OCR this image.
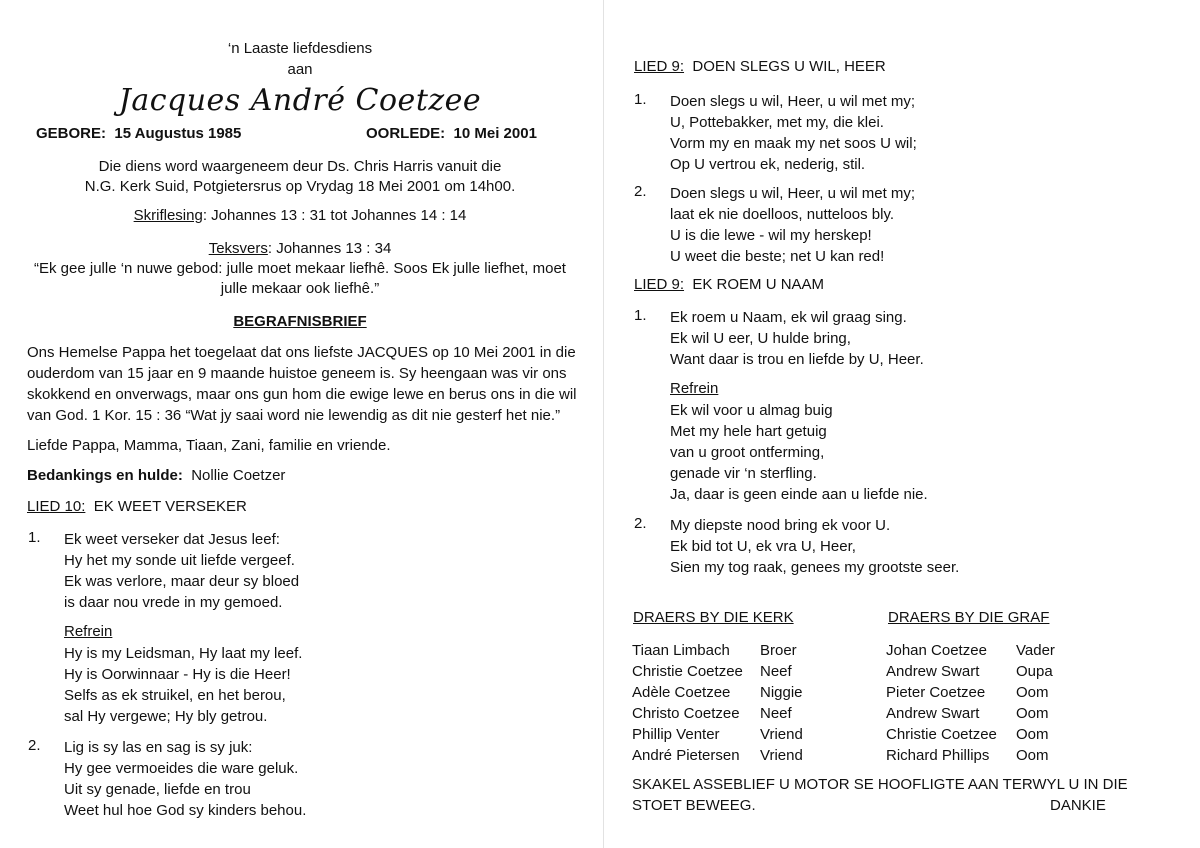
‘n Laaste liefdesdiens
aan
Jacques André Coetzee
GEBORE: 15 Augustus 1985	OORLEDE: 10 Mei 2001
Die diens word waargeneem deur Ds. Chris Harris vanuit die
N.G. Kerk Suid, Potgietersrus op Vrydag 18 Mei 2001 om 14h00.
Skriflesing: Johannes 13 : 31 tot Johannes 14 : 14
Teksvers: Johannes 13 : 34
“Ek gee julle ‘n nuwe gebod: julle moet mekaar liefhê. Soos Ek julle liefhet, moet
julle mekaar ook liefhê.”
BEGRAFNISBRIEF
Ons Hemelse Pappa het toegelaat dat ons liefste JACQUES op 10 Mei 2001 in die
ouderdom van 15 jaar en 9 maande huistoe geneem is. Sy heengaan was vir ons
skokkend en onverwags, maar ons gun hom die ewige lewe en berus ons in die wil
van God. 1 Kor. 15 : 36 “Wat jy saai word nie lewendig as dit nie gesterf het nie.”
Liefde Pappa, Mamma, Tiaan, Zani, familie en vriende.
Bedankings en hulde: Nollie Coetzer
LIED 10: EK WEET VERSEKER
1. Ek weet verseker dat Jesus leef:
Hy het my sonde uit liefde vergeef.
Ek was verlore, maar deur sy bloed
is daar nou vrede in my gemoed.
Refrein
Hy is my Leidsman, Hy laat my leef.
Hy is Oorwinnaar - Hy is die Heer!
Selfs as ek struikel, en het berou,
sal Hy vergewe; Hy bly getrou.
2. Lig is sy las en sag is sy juk:
Hy gee vermoeides die ware geluk.
Uit sy genade, liefde en trou
Weet hul hoe God sy kinders behou.
LIED 9: DOEN SLEGS U WIL, HEER
1. Doen slegs u wil, Heer, u wil met my;
U, Pottebakker, met my, die klei.
Vorm my en maak my net soos U wil;
Op U vertrou ek, nederig, stil.
2. Doen slegs u wil, Heer, u wil met my;
laat ek nie doelloos, nutteloos bly.
U is die lewe - wil my herskep!
U weet die beste; net U kan red!
LIED 9: EK ROEM U NAAM
1. Ek roem u Naam, ek wil graag sing.
Ek wil U eer, U hulde bring,
Want daar is trou en liefde by U, Heer.
Refrein
Ek wil voor u almag buig
Met my hele hart getuig
van u groot ontferming,
genade vir ‘n sterfling.
Ja, daar is geen einde aan u liefde nie.
2. My diepste nood bring ek voor U.
Ek bid tot U, ek vra U, Heer,
Sien my tog raak, genees my grootste seer.
DRAERS BY DIE KERK
Tiaan Limbach Broer
Christie Coetzee Neef
Adèle Coetzee Niggie
Christo Coetzee Neef
Phillip Venter	Vriend
André Pietersen Vriend
DRAERS BY DIE GRAF
Johan Coetzee Vader
Andrew Swart Oupa
Pieter Coetzee Oom
Andrew Swart Oom
Christie Coetzee Oom
Richard Phillips Oom
SKAKEL ASSEBLIEF U MOTOR SE HOOFLIGTE AAN TERWYL U IN DIE
STOET BEWEEG.	DANKIE
